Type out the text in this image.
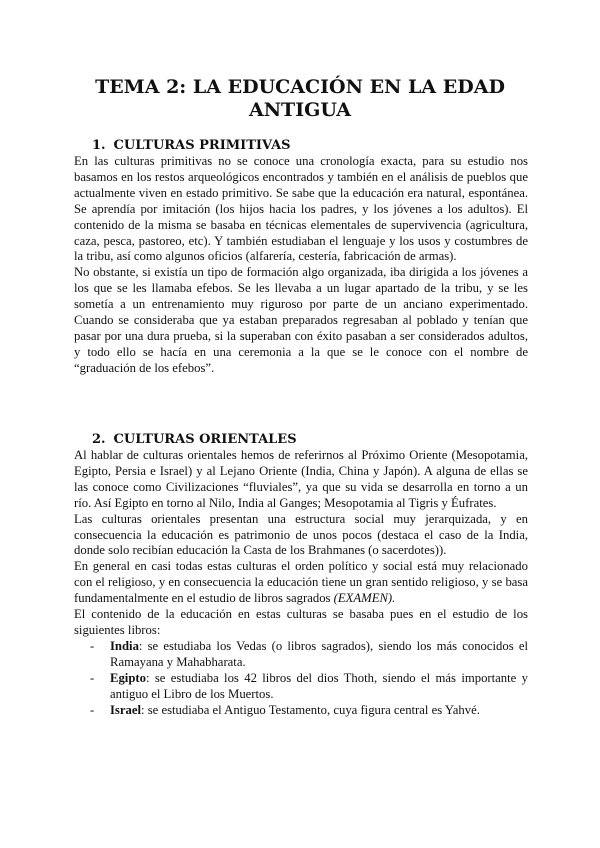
TEMA 2: LA EDUCACIÓN EN LA EDAD
ANTIGUA
1. CULTURAS PRIMITIVAS

En las culturas primitivas no se conoce una cronología exacta, para su estudio nos basamos en los restos arqueológicos encontrados y también en el análisis de pueblos que actualmente viven en estado primitivo. Se sabe que la educación era natural, espontánea. Se aprendía por imitación (los hijos hacia los padres, y los jóvenes a los adultos). El contenido de la misma se basaba en técnicas elementales de supervivencia (agricultura, caza, pesca, pastoreo, etc). Y también estudiaban el lenguaje y los usos y costumbres de la tribu, así como algunos oficios (alfarería, cestería, fabricación de armas).

No obstante, si existía un tipo de formación algo organizada, iba dirigida a los jóvenes a los que se les llamaba efebos. Se les llevaba a un lugar apartado de la tribu, y se les sometía a un entrenamiento muy riguroso por parte de un anciano experimentado. Cuando se consideraba que ya estaban preparados regresaban al poblado y tenían que pasar por una dura prueba, si la superaban con éxito pasaban a ser considerados adultos, y todo ello se hacía en una ceremonia a la que se le conoce con el nombre de “graduación de los efebos”.

2. CULTURAS ORIENTALES

Al hablar de culturas orientales hemos de referirnos al Próximo Oriente (Mesopotamia, Egipto, Persia e Israel) y al Lejano Oriente (India, China y Japón). A alguna de ellas se las conoce como Civilizaciones “fluviales”, ya que su vida se desarrolla en torno a un río. Así Egipto en torno al Nilo, India al Ganges; Mesopotamia al Tigris y Éufrates.

Las culturas orientales presentan una estructura social muy jerarquizada, y en consecuencia la educación es patrimonio de unos pocos (destaca el caso de la India, donde solo recibían educación la Casta de los Brahmanes (o sacerdotes)).

En general en casi todas estas culturas el orden político y social está muy relacionado con el religioso, y en consecuencia la educación tiene un gran sentido religioso, y se basa fundamentalmente en el estudio de libros sagrados (EXAMEN).

El contenido de la educación en estas culturas se basaba pues en el estudio de los siguientes libros:

- India: se estudiaba los Vedas (o libros sagrados), siendo los más conocidos el Ramayana y Mahabharata.
- Egipto: se estudiaba los 42 libros del dios Thoth, siendo el más importante y antiguo el Libro de los Muertos.
- Israel: se estudiaba el Antiguo Testamento, cuya figura central es Yahvé.
